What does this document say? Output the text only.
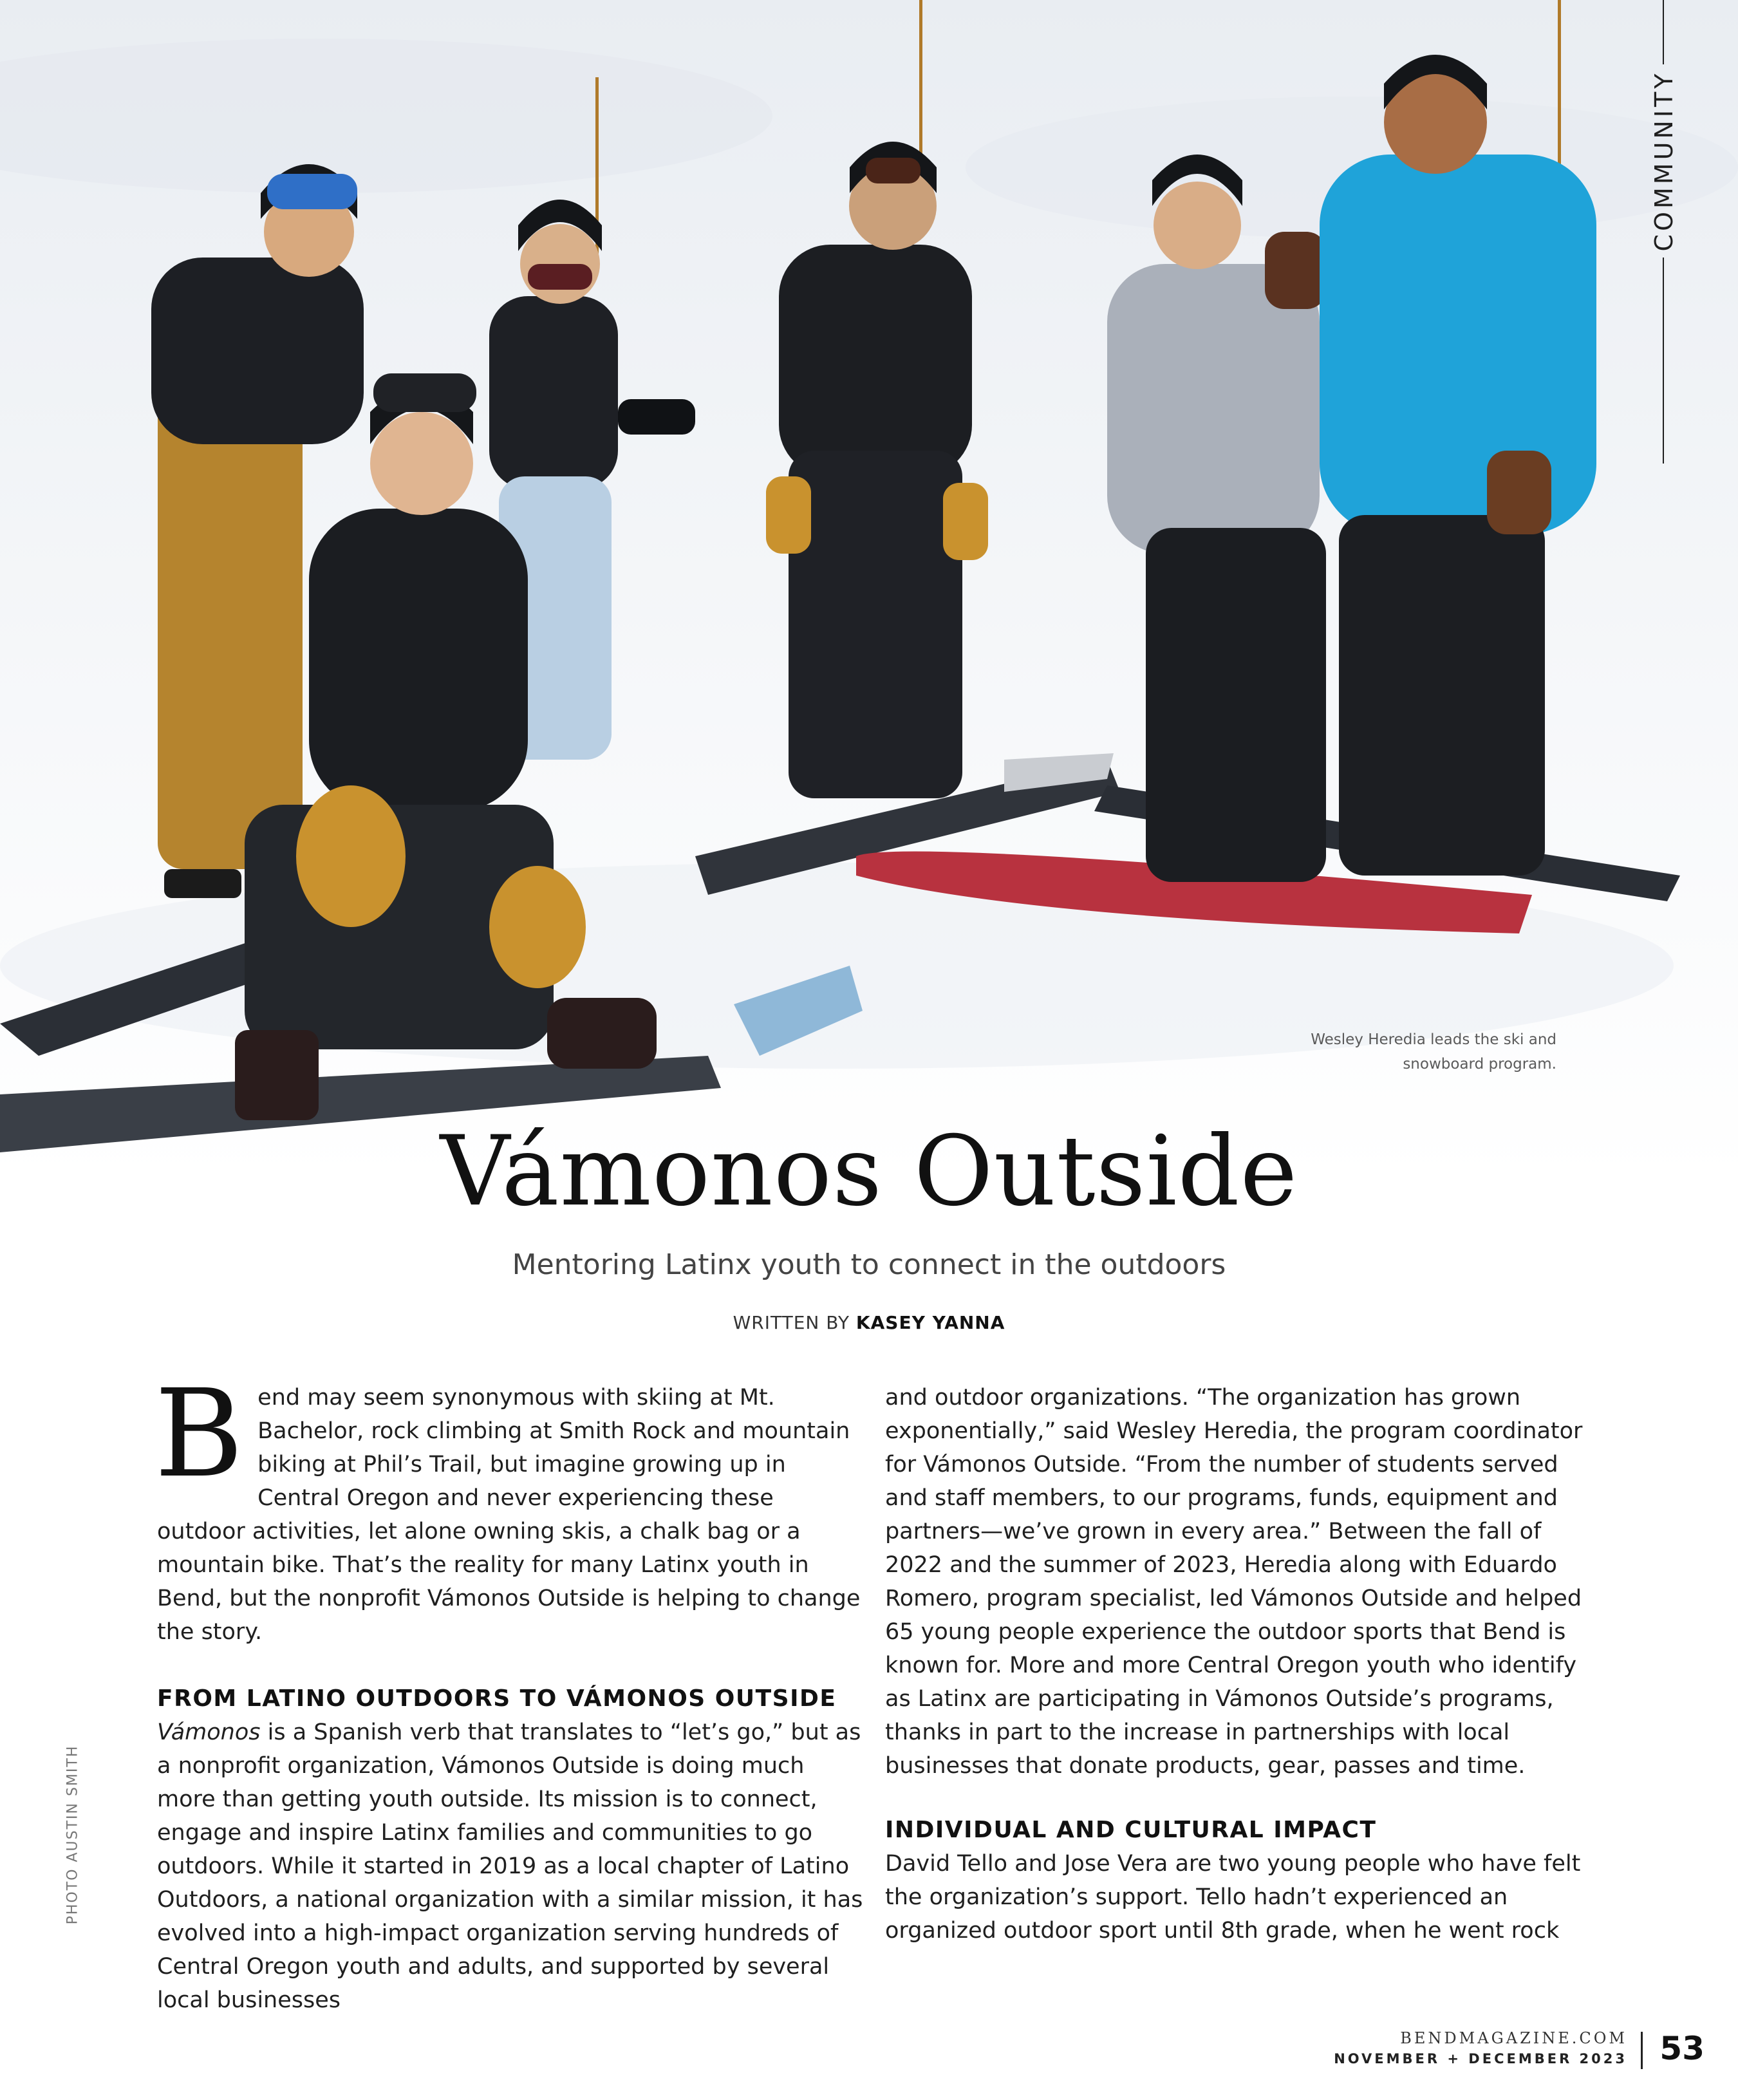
Wesley Heredia leads the ski and snowboard program.
COMMUNITY
Vámonos Outside
Mentoring Latinx youth to connect in the outdoors
WRITTEN BY KASEY YANNA
PHOTO AUSTIN SMITH

Bend may seem synonymous with skiing at Mt. Bachelor, rock climbing at Smith Rock and mountain biking at Phil’s Trail, but imagine growing up in Central Oregon and never experiencing these outdoor activities, let alone owning skis, a chalk bag or a mountain bike. That’s the reality for many Latinx youth in Bend, but the nonprofit Vámonos Outside is helping to change the story.

FROM LATINO OUTDOORS TO VÁMONOS OUTSIDE

Vámonos is a Spanish verb that translates to “let’s go,” but as a nonprofit organization, Vámonos Outside is doing much more than getting youth outside. Its mission is to connect, engage and inspire Latinx families and communities to go outdoors. While it started in 2019 as a local chapter of Latino Outdoors, a national organization with a similar mission, it has evolved into a high-impact organization serving hundreds of Central Oregon youth and adults, and supported by several local businesses

and outdoor organizations. “The organization has grown exponentially,” said Wesley Heredia, the program coordinator for Vámonos Outside. “From the number of students served and staff members, to our programs, funds, equipment and partners—we’ve grown in every area.” Between the fall of 2022 and the summer of 2023, Heredia along with Eduardo Romero, program specialist, led Vámonos Outside and helped 65 young people experience the outdoor sports that Bend is known for. More and more Central Oregon youth who identify as Latinx are participating in Vámonos Outside’s programs, thanks in part to the increase in partnerships with local businesses that donate products, gear, passes and time.

INDIVIDUAL AND CULTURAL IMPACT

David Tello and Jose Vera are two young people who have felt the organization’s support. Tello hadn’t experienced an organized outdoor sport until 8th grade, when he went rock

BENDMAGAZINE.COM
NOVEMBER + DECEMBER 2023 53
